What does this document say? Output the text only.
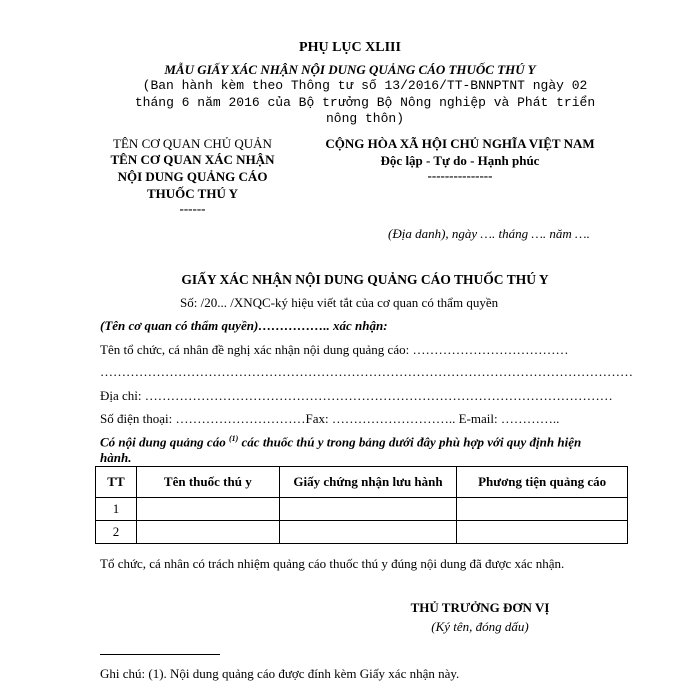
PHỤ LỤC XLIII
MẪU GIẤY XÁC NHẬN NỘI DUNG QUẢNG CÁO THUỐC THÚ Y
(Ban hành kèm theo Thông tư số 13/2016/TT-BNNPTNT ngày 02
tháng 6 năm 2016 của Bộ trưởng Bộ Nông nghiệp và Phát triển
nông thôn)
TÊN CƠ QUAN CHỦ QUẢN
TÊN CƠ QUAN XÁC NHẬN
NỘI DUNG QUẢNG CÁO
THUỐC THÚ Y
------
CỘNG HÒA XÃ HỘI CHỦ NGHĨA VIỆT NAM
Độc lập - Tự do - Hạnh phúc
---------------
(Địa danh), ngày …. tháng …. năm ….
GIẤY XÁC NHẬN NỘI DUNG QUẢNG CÁO THUỐC THÚ Y
Số: /20... /XNQC-ký hiệu viết tắt của cơ quan có thẩm quyền
(Tên cơ quan có thẩm quyền)…………….. xác nhận:
Tên tổ chức, cá nhân đề nghị xác nhận nội dung quảng cáo: ………………………………
……………………………………………………………………………………………………………
Địa chỉ: ………………………………………………………………………………………………
Số điện thoại: …………………………Fax: ……………………….. E-mail: …………..
Có nội dung quảng cáo $^{(1)}$ các thuốc thú y trong bảng dưới đây phù hợp với quy định hiện
hành.
TT	Tên thuốc thú y	Giấy chứng nhận lưu hành	Phương tiện quảng cáo
1			
2			
Tổ chức, cá nhân có trách nhiệm quảng cáo thuốc thú y đúng nội dung đã được xác nhận.
THỦ TRƯỞNG ĐƠN VỊ
(Ký tên, đóng dấu)
Ghi chú: (1). Nội dung quảng cáo được đính kèm Giấy xác nhận này.
